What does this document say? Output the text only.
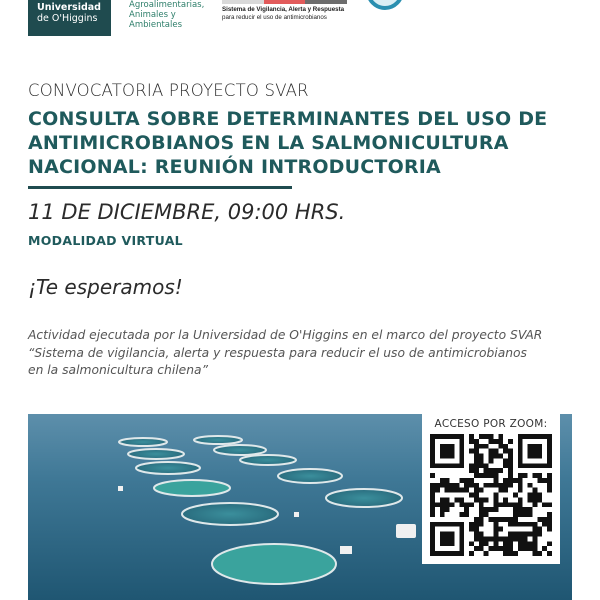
Universidad
de O'Higgins
Agroalimentarias,
Animales y
Ambientales
Sistema de Vigilancia, Alerta y Respuesta
para reducir el uso de antimicrobianos
CONVOCATORIA PROYECTO SVAR
CONSULTA SOBRE DETERMINANTES DEL USO DE
ANTIMICROBIANOS EN LA SALMONICULTURA
NACIONAL: REUNIÓN INTRODUCTORIA
11 DE DICIEMBRE, 09:00 HRS.
MODALIDAD VIRTUAL
¡Te esperamos!
Actividad ejecutada por la Universidad de O'Higgins en el marco del proyecto SVAR
“Sistema de vigilancia, alerta y respuesta para reducir el uso de antimicrobianos
en la salmonicultura chilena”
ACCESO POR ZOOM:
